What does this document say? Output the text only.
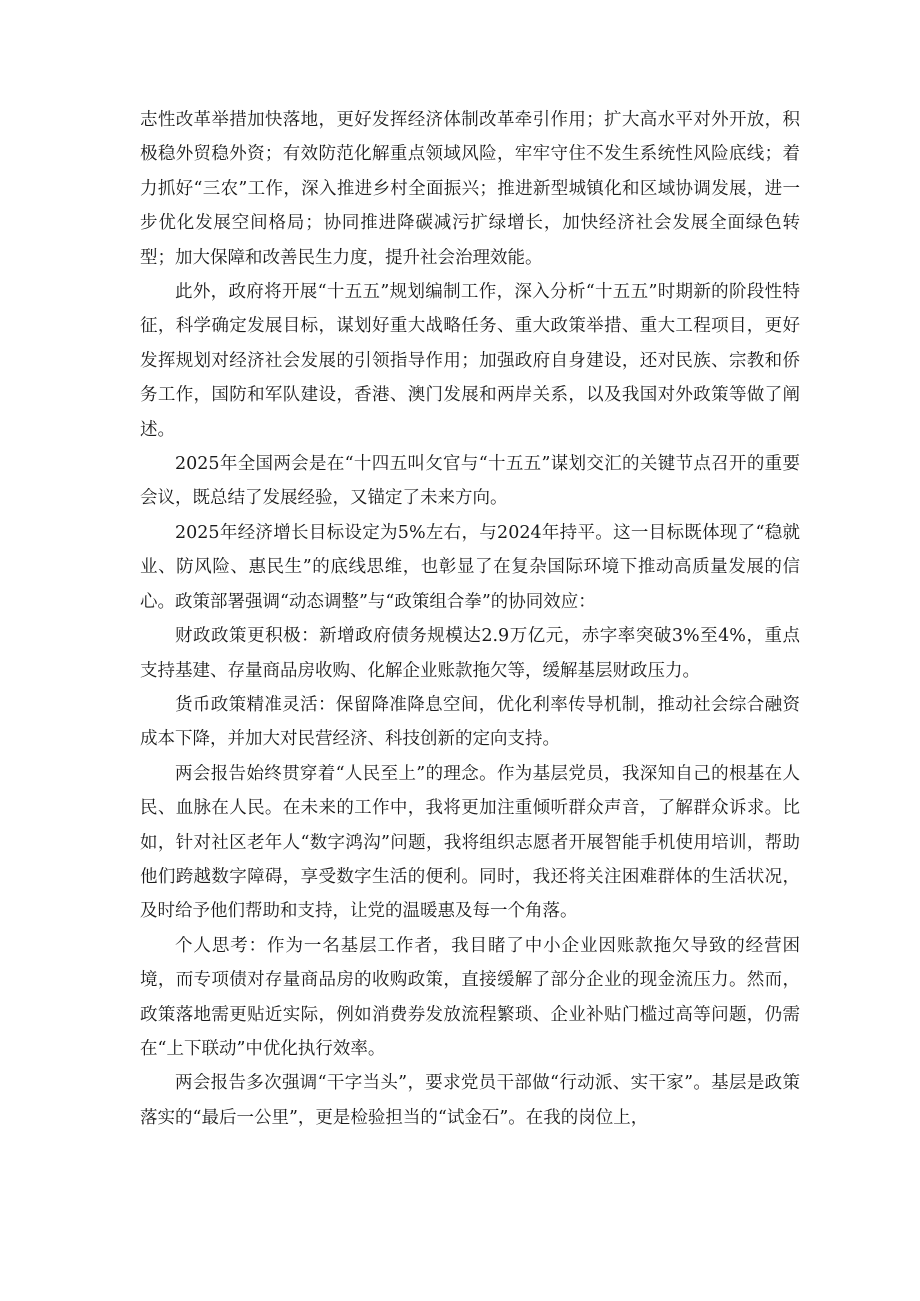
志性改革举措加快落地，更好发挥经济体制改革牵引作用；扩大高水平对外开放，积极稳外贸稳外资；有效防范化解重点领域风险，牢牢守住不发生系统性风险底线；着力抓好“三农”工作，深入推进乡村全面振兴；推进新型城镇化和区域协调发展，进一步优化发展空间格局；协同推进降碳减污扩绿增长，加快经济社会发展全面绿色转型；加大保障和改善民生力度，提升社会治理效能。

此外，政府将开展“十五五”规划编制工作，深入分析“十五五”时期新的阶段性特征，科学确定发展目标，谋划好重大战略任务、重大政策举措、重大工程项目，更好发挥规划对经济社会发展的引领指导作用；加强政府自身建设，还对民族、宗教和侨务工作，国防和军队建设，香港、澳门发展和两岸关系，以及我国对外政策等做了阐述。

2025年全国两会是在“十四五叫攵官与“十五五”谋划交汇的关键节点召开的重要会议，既总结了发展经验，又锚定了未来方向。

2025年经济增长目标设定为5%左右，与2024年持平。这一目标既体现了“稳就业、防风险、惠民生”的底线思维，也彰显了在复杂国际环境下推动高质量发展的信心。政策部署强调“动态调整”与“政策组合拳”的协同效应：

财政政策更积极：新增政府债务规模达2.9万亿元，赤字率突破3%至4%，重点支持基建、存量商品房收购、化解企业账款拖欠等，缓解基层财政压力。

货币政策精准灵活：保留降准降息空间，优化利率传导机制，推动社会综合融资成本下降，并加大对民营经济、科技创新的定向支持。

两会报告始终贯穿着“人民至上”的理念。作为基层党员，我深知自己的根基在人民、血脉在人民。在未来的工作中，我将更加注重倾听群众声音，了解群众诉求。比如，针对社区老年人“数字鸿沟”问题，我将组织志愿者开展智能手机使用培训，帮助他们跨越数字障碍，享受数字生活的便利。同时，我还将关注困难群体的生活状况，及时给予他们帮助和支持，让党的温暖惠及每一个角落。

个人思考：作为一名基层工作者，我目睹了中小企业因账款拖欠导致的经营困境，而专项债对存量商品房的收购政策，直接缓解了部分企业的现金流压力。然而，政策落地需更贴近实际，例如消费券发放流程繁琐、企业补贴门槛过高等问题，仍需在“上下联动”中优化执行效率。

两会报告多次强调“干字当头”，要求党员干部做“行动派、实干家”。基层是政策落实的“最后一公里”，更是检验担当的“试金石”。在我的岗位上，
